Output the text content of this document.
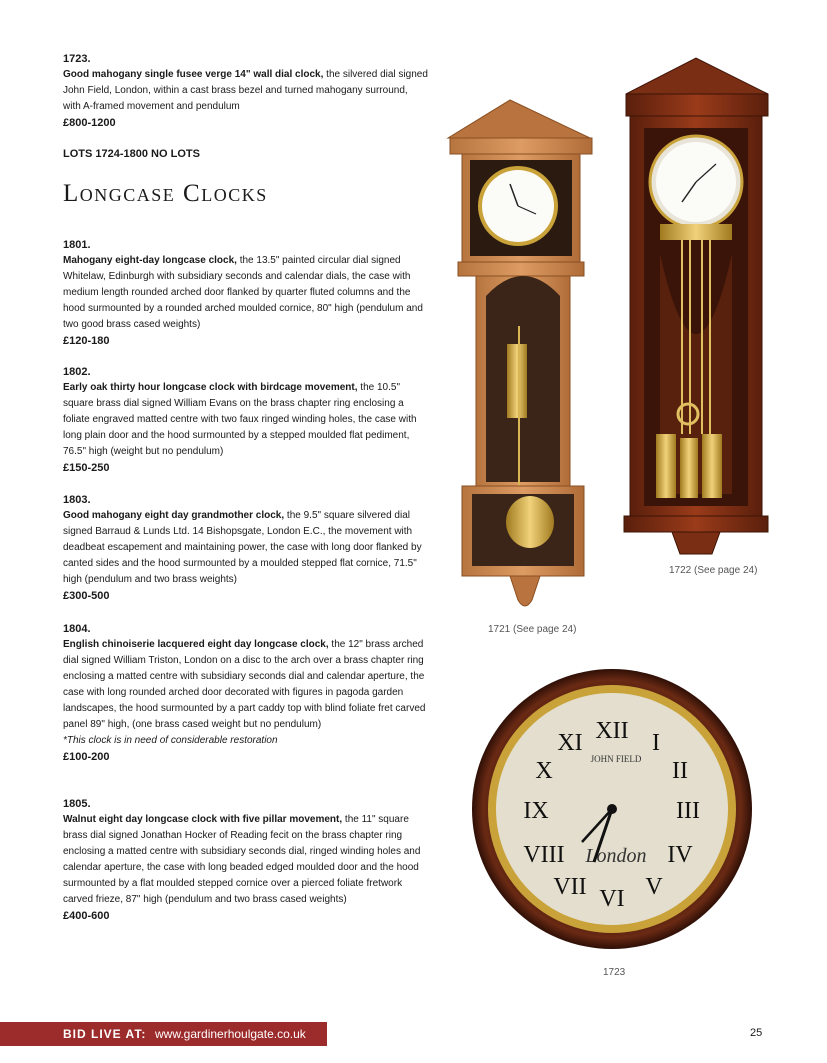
1723.

Good mahogany single fusee verge 14" wall dial clock, the silvered dial signed John Field, London, within a cast brass bezel and turned mahogany surround, with A-framed movement and pendulum

£800-1200

LOTS 1724-1800 NO LOTS
Longcase Clocks

1801.

Mahogany eight-day longcase clock, the 13.5" painted circular dial signed Whitelaw, Edinburgh with subsidiary seconds and calendar dials, the case with medium length rounded arched door flanked by quarter fluted columns and the hood surmounted by a rounded arched moulded cornice, 80" high (pendulum and two good brass cased weights)

£120-180

1802.

Early oak thirty hour longcase clock with birdcage movement, the 10.5" square brass dial signed William Evans on the brass chapter ring enclosing a foliate engraved matted centre with two faux ringed winding holes, the case with long plain door and the hood surmounted by a stepped moulded flat pediment, 76.5" high (weight but no pendulum)

£150-250

1803.

Good mahogany eight day grandmother clock, the 9.5" square silvered dial signed Barraud & Lunds Ltd. 14 Bishopsgate, London E.C., the movement with deadbeat escapement and maintaining power, the case with long door flanked by canted sides and the hood surmounted by a moulded stepped flat cornice, 71.5" high (pendulum and two brass weights)

£300-500

1804.

English chinoiserie lacquered eight day longcase clock, the 12" brass arched dial signed William Triston, London on a disc to the arch over a brass chapter ring enclosing a matted centre with subsidiary seconds dial and calendar aperture, the case with long rounded arched door decorated with figures in pagoda garden landscapes, the hood surmounted by a part caddy top with blind foliate fret carved panel 89" high, (one brass cased weight but no pendulum)

*This clock is in need of considerable restoration

£100-200

1805.

Walnut eight day longcase clock with five pillar movement, the 11" square brass dial signed Jonathan Hocker of Reading fecit on the brass chapter ring enclosing a matted centre with subsidiary seconds dial, ringed winding holes and calendar aperture, the case with long beaded edged moulded door and the hood surmounted by a flat moulded stepped cornice over a pierced foliate fretwork carved frieze, 87" high (pendulum and two brass cased weights)

£400-600

1722 (See page 24)
1721 (See page 24)
XII
III
VI
IX
I
II
IV
V
VII
VIII
X
XI
JOHN FIELD
London
1723
BID LIVE AT: www.gardinerhoulgate.co.uk	25
